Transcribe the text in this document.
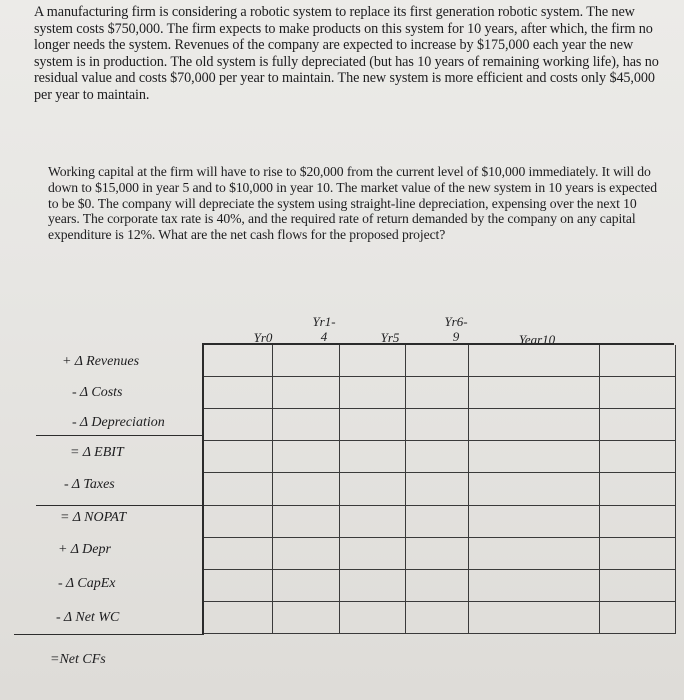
A manufacturing firm is considering a robotic system to replace its first generation robotic system. The new system costs $750,000. The firm expects to make products on this system for 10 years, after which, the firm no longer needs the system. Revenues of the company are expected to increase by $175,000 each year the new system is in production. The old system is fully depreciated (but has 10 years of remaining working life), has no residual value and costs $70,000 per year to maintain. The new system is more efficient and costs only $45,000 per year to maintain.

Working capital at the firm will have to rise to $20,000 from the current level of $10,000 immediately. It will do down to $15,000 in year 5 and to $10,000 in year 10. The market value of the new system in 10 years is expected to be $0. The company will depreciate the system using straight-line depreciation, expensing over the next 10 years. The corporate tax rate is 40%, and the required rate of return demanded by the company on any capital expenditure is 12%. What are the net cash flows for the proposed project?

Yr0
Yr1-
4	Yr5
Yr6-
9	Year10
+ Δ Revenues
- Δ Costs
- Δ Depreciation
= Δ EBIT
- Δ Taxes
= Δ NOPAT
+ Δ Depr
- Δ CapEx
- Δ Net WC
=Net CFs
